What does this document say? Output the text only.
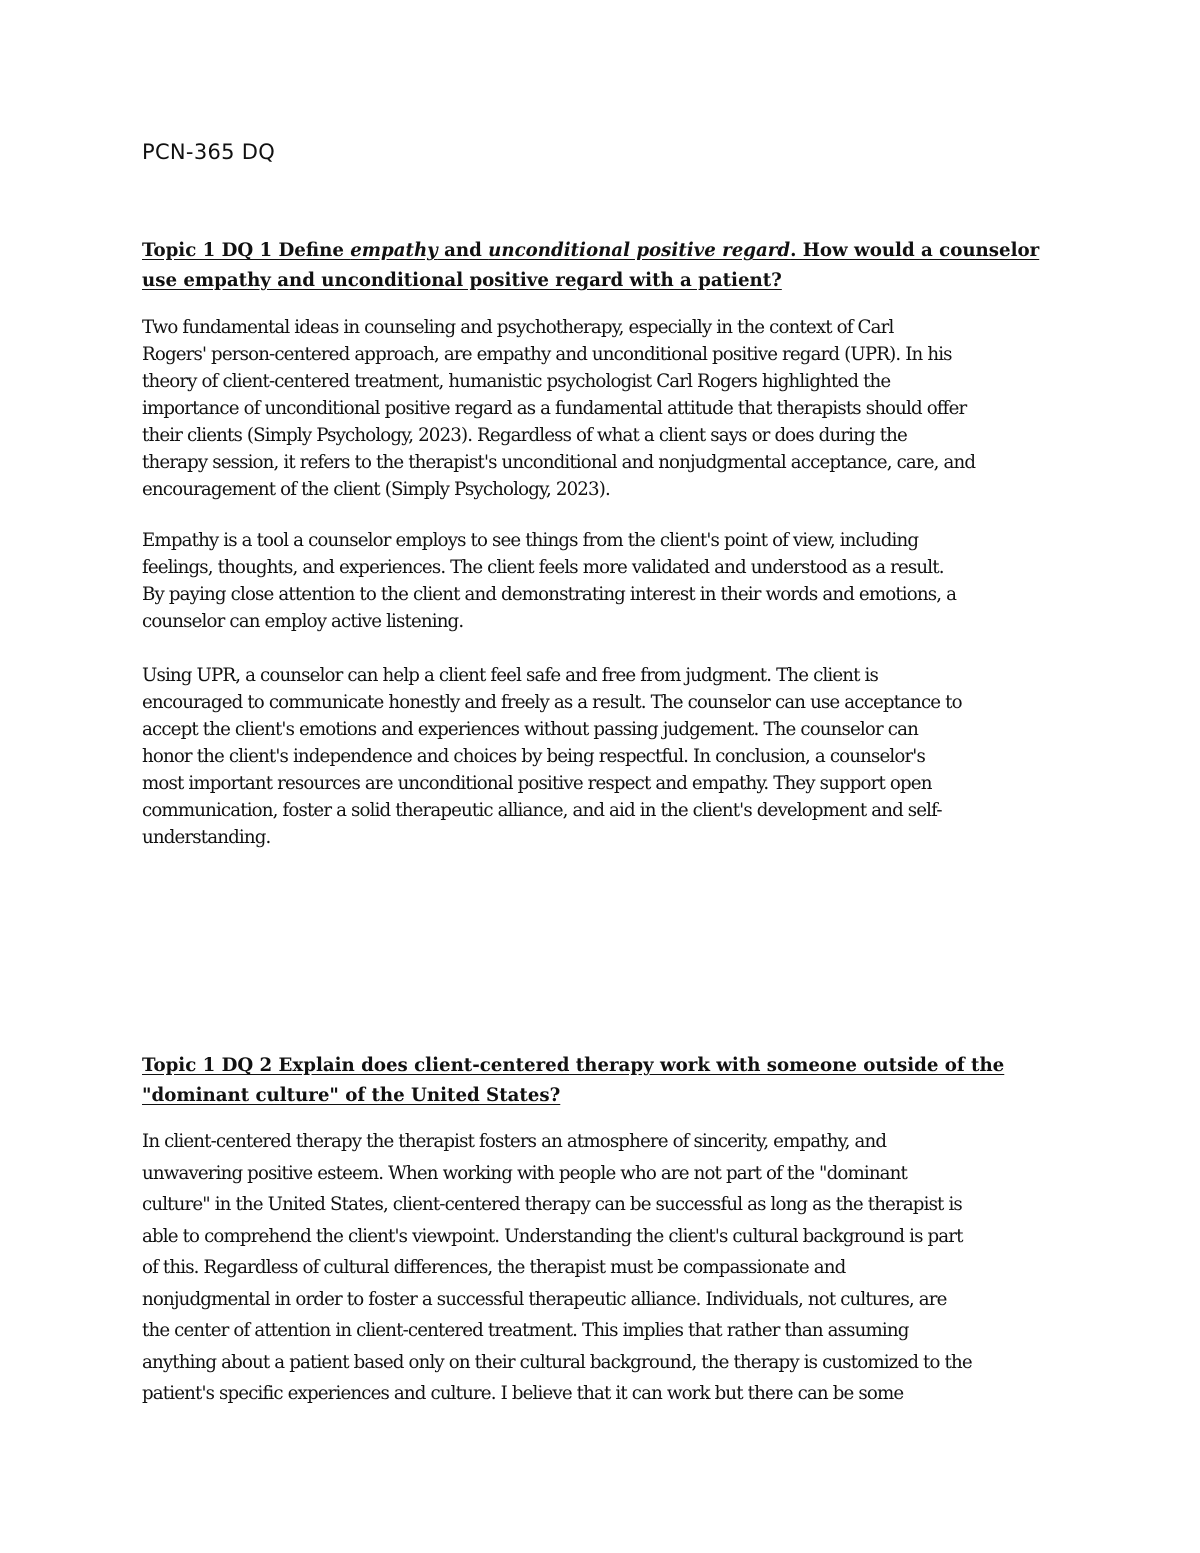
PCN-365 DQ
Topic 1 DQ 1 Define empathy and unconditional positive regard. How would a counselor
use empathy and unconditional positive regard with a patient?

Two fundamental ideas in counseling and psychotherapy, especially in the context of Carl
Rogers' person-centered approach, are empathy and unconditional positive regard (UPR). In his
theory of client-centered treatment, humanistic psychologist Carl Rogers highlighted the
importance of unconditional positive regard as a fundamental attitude that therapists should offer
their clients (Simply Psychology, 2023). Regardless of what a client says or does during the
therapy session, it refers to the therapist's unconditional and nonjudgmental acceptance, care, and
encouragement of the client (Simply Psychology, 2023).

Empathy is a tool a counselor employs to see things from the client's point of view, including
feelings, thoughts, and experiences. The client feels more validated and understood as a result.
By paying close attention to the client and demonstrating interest in their words and emotions, a
counselor can employ active listening.

Using UPR, a counselor can help a client feel safe and free from judgment. The client is
encouraged to communicate honestly and freely as a result. The counselor can use acceptance to
accept the client's emotions and experiences without passing judgement. The counselor can
honor the client's independence and choices by being respectful. In conclusion, a counselor's
most important resources are unconditional positive respect and empathy. They support open
communication, foster a solid therapeutic alliance, and aid in the client's development and self-
understanding.

Topic 1 DQ 2 Explain does client-centered therapy work with someone outside of the
"dominant culture" of the United States?

In client-centered therapy the therapist fosters an atmosphere of sincerity, empathy, and
unwavering positive esteem. When working with people who are not part of the "dominant
culture" in the United States, client-centered therapy can be successful as long as the therapist is
able to comprehend the client's viewpoint. Understanding the client's cultural background is part
of this. Regardless of cultural differences, the therapist must be compassionate and
nonjudgmental in order to foster a successful therapeutic alliance. Individuals, not cultures, are
the center of attention in client-centered treatment. This implies that rather than assuming
anything about a patient based only on their cultural background, the therapy is customized to the
patient's specific experiences and culture. I believe that it can work but there can be some
